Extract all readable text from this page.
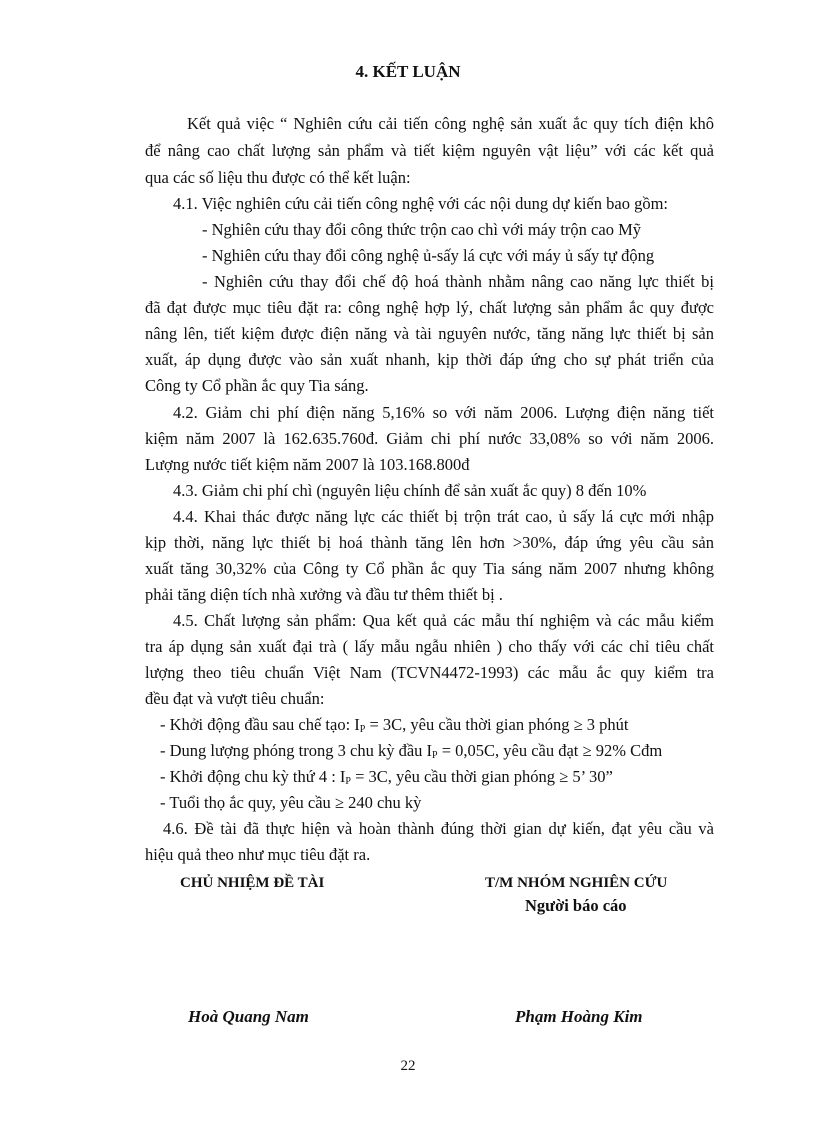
4. KẾT LUẬN
Kết quả việc “ Nghiên cứu cải tiến công nghệ sản xuất ắc quy tích điện khô
để nâng cao chất lượng sản phẩm và tiết kiệm nguyên vật liệu” với các kết quả
qua các số liệu thu được có thể kết luận:
4.1. Việc nghiên cứu cải tiến công nghệ với các nội dung dự kiến bao gồm:
- Nghiên cứu thay đổi công thức trộn cao chì với máy trộn cao Mỹ
- Nghiên cứu thay đổi công nghệ ủ-sấy lá cực với máy ủ sấy tự động
- Nghiên cứu thay đổi chế độ hoá thành nhằm nâng cao năng lực thiết bị
đã đạt được mục tiêu đặt ra: công nghệ hợp lý, chất lượng sản phẩm ắc quy được
nâng lên, tiết kiệm được điện năng và tài nguyên nước, tăng năng lực thiết bị sản
xuất, áp dụng được vào sản xuất nhanh, kịp thời đáp ứng cho sự phát triển của
Công ty Cổ phần ắc quy Tia sáng.
4.2. Giảm chi phí điện năng 5,16% so với năm 2006. Lượng điện năng tiết
kiệm năm 2007 là 162.635.760đ. Giảm chi phí nước 33,08% so với năm 2006.
Lượng nước tiết kiệm năm 2007 là 103.168.800đ
4.3. Giảm chi phí chì (nguyên liệu chính để sản xuất ắc quy) 8 đến 10%
4.4. Khai thác được năng lực các thiết bị trộn trát cao, ủ sấy lá cực mới nhập
kịp thời, năng lực thiết bị hoá thành tăng lên hơn >30%, đáp ứng yêu cầu sản
xuất tăng 30,32% của Công ty Cổ phần ắc quy Tia sáng năm 2007 nhưng không
phải tăng diện tích nhà xưởng và đầu tư thêm thiết bị .
4.5. Chất lượng sản phẩm: Qua kết quả các mẫu thí nghiệm và các mẫu kiểm
tra áp dụng sản xuất đại trà ( lấy mẫu ngẫu nhiên ) cho thấy với các chỉ tiêu chất
lượng theo tiêu chuẩn Việt Nam (TCVN4472-1993) các mẫu ắc quy kiểm tra
đều đạt và vượt tiêu chuẩn:
- Khởi động đầu sau chế tạo: $I_P = 3C$, yêu cầu thời gian phóng ≥ 3 phút
- Dung lượng phóng trong 3 chu kỳ đầu $I_P = 0,05C$, yêu cầu đạt ≥ 92% Cđm
- Khởi động chu kỳ thứ 4 : $I_P = 3C$, yêu cầu thời gian phóng ≥ 5’ 30”
- Tuổi thọ ắc quy, yêu cầu ≥ 240 chu kỳ
4.6. Đề tài đã thực hiện và hoàn thành đúng thời gian dự kiến, đạt yêu cầu và
hiệu quả theo như mục tiêu đặt ra.
CHỦ NHIỆM ĐỀ TÀI	T/M NHÓM NGHIÊN CỨU
Người báo cáo
Hoà Quang Nam	Phạm Hoàng Kim
22
